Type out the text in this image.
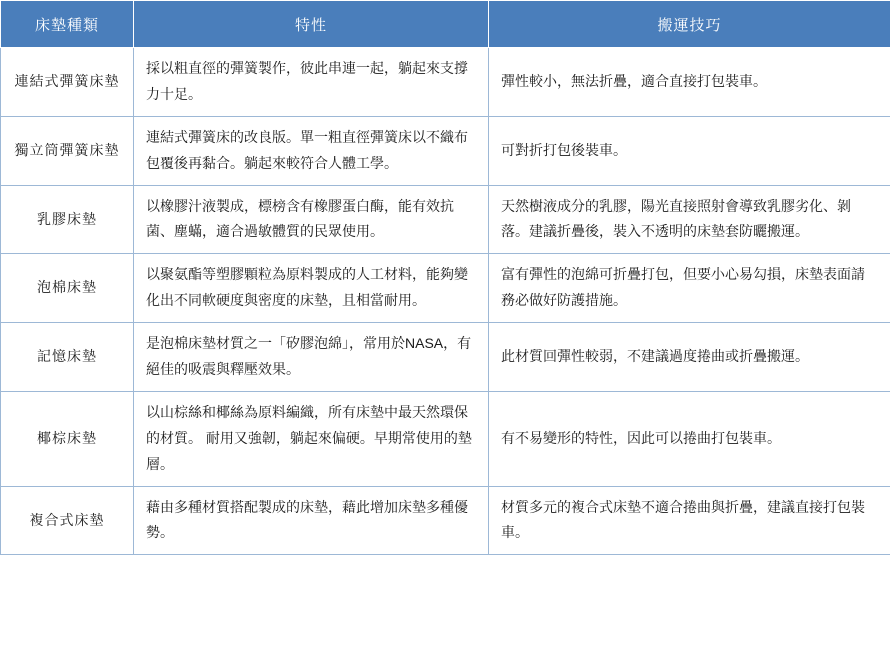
床墊種類	特性	搬運技巧
連結式彈簧床墊	採以粗直徑的彈簧製作，彼此串連一起，躺起來支撐力十足。	彈性較小，無法折疊，適合直接打包裝車。
獨立筒彈簧床墊	連結式彈簧床的改良版。單一粗直徑彈簧床以不織布包覆後再黏合。躺起來較符合人體工學。	可對折打包後裝車。
乳膠床墊	以橡膠汁液製成，標榜含有橡膠蛋白酶，能有效抗菌、塵蟎，適合過敏體質的民眾使用。	天然樹液成分的乳膠，陽光直接照射會導致乳膠劣化、剝落。建議折疊後，裝入不透明的床墊套防曬搬運。
泡棉床墊	以聚氨酯等塑膠顆粒為原料製成的人工材料，能夠變化出不同軟硬度與密度的床墊，且相當耐用。	富有彈性的泡綿可折疊打包，但要小心易勾損，床墊表面請務必做好防護措施。
記憶床墊	是泡棉床墊材質之一「矽膠泡綿」，常用於NASA，有絕佳的吸震與釋壓效果。	此材質回彈性較弱，不建議過度捲曲或折疊搬運。
椰棕床墊	以山棕絲和椰絲為原料編織，所有床墊中最天然環保的材質。 耐用又強韌，躺起來偏硬。早期常使用的墊層。	有不易變形的特性，因此可以捲曲打包裝車。
複合式床墊	藉由多種材質搭配製成的床墊，藉此增加床墊多種優勢。	材質多元的複合式床墊不適合捲曲與折疊，建議直接打包裝車。
